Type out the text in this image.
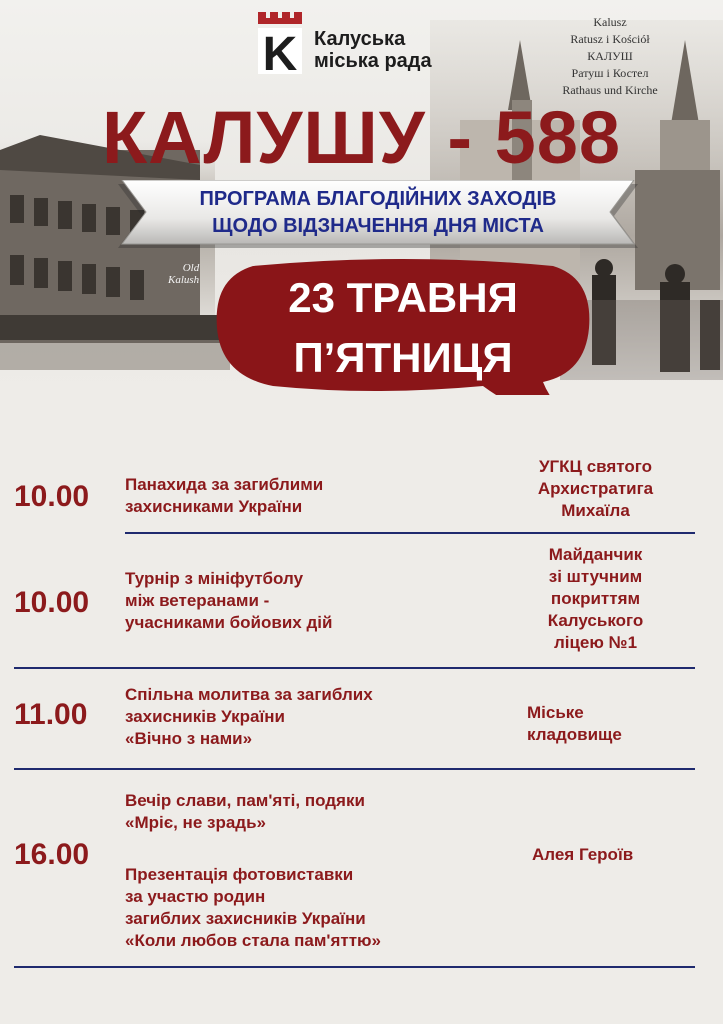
K Калуська
міська рада
Kalusz
Ratusz i Kościół
КАЛУШ
Ратуш і Костел
Rathaus und Kirche
Old
Kalush
КАЛУШУ - 588
ПРОГРАМА БЛАГОДІЙНИХ ЗАХОДІВ
ЩОДО ВІДЗНАЧЕННЯ ДНЯ МІСТА
23 ТРАВНЯ
П’ЯТНИЦЯ
10.00	Панахида за загиблими
захисниками України
УГКЦ святого
Архистратига
Михаїла
10.00
Турнір з мініфутболу
між ветеранами -
учасниками бойових дій
Майданчик
зі штучним
покриттям
Калуського
ліцею №1
11.00
Спільна молитва за загиблих
захисників України
«Вічно з нами»
Міське
кладовище
16.00
Вечір слави, пам'яті, подяки
«Мріє, не зрадь»
Презентація фотовиставки
за участю родин
загиблих захисників України
«Коли любов стала пам'яттю»
Алея Героїв
